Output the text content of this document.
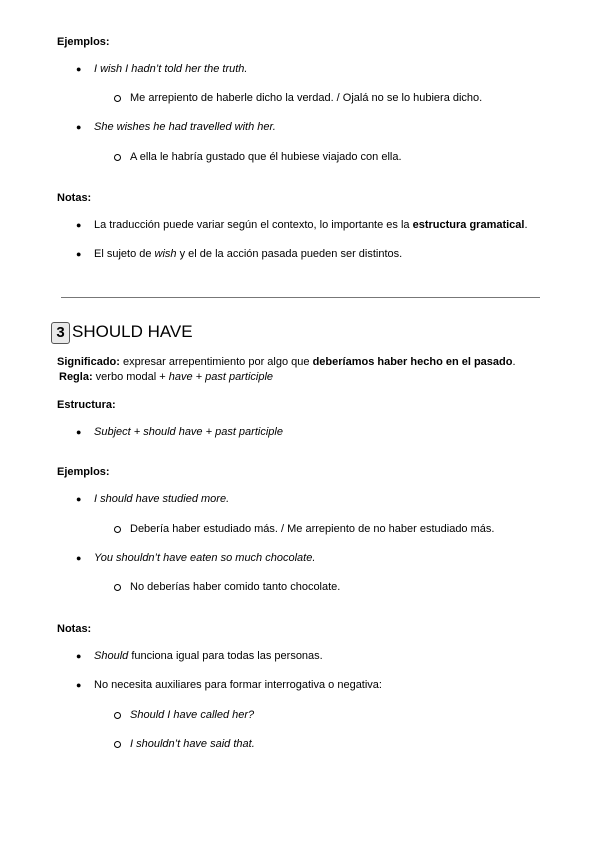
Ejemplos:
● I wish I hadn’t told her the truth.
Me arrepiento de haberle dicho la verdad. / Ojalá no se lo hubiera dicho.
● She wishes he had travelled with her.
A ella le habría gustado que él hubiese viajado con ella.
Notas:
● La traducción puede variar según el contexto, lo importante es la estructura gramatical.
● El sujeto de wish y el de la acción pasada pueden ser distintos.
3 SHOULD HAVE
Significado: expresar arrepentimiento por algo que deberíamos haber hecho en el pasado.
Regla: verbo modal + have + past participle
Estructura:
● Subject + should have + past participle
Ejemplos:
● I should have studied more.
Debería haber estudiado más. / Me arrepiento de no haber estudiado más.
● You shouldn’t have eaten so much chocolate.
No deberías haber comido tanto chocolate.
Notas:
● Should funciona igual para todas las personas.
● No necesita auxiliares para formar interrogativa o negativa:
Should I have called her?
I shouldn’t have said that.
